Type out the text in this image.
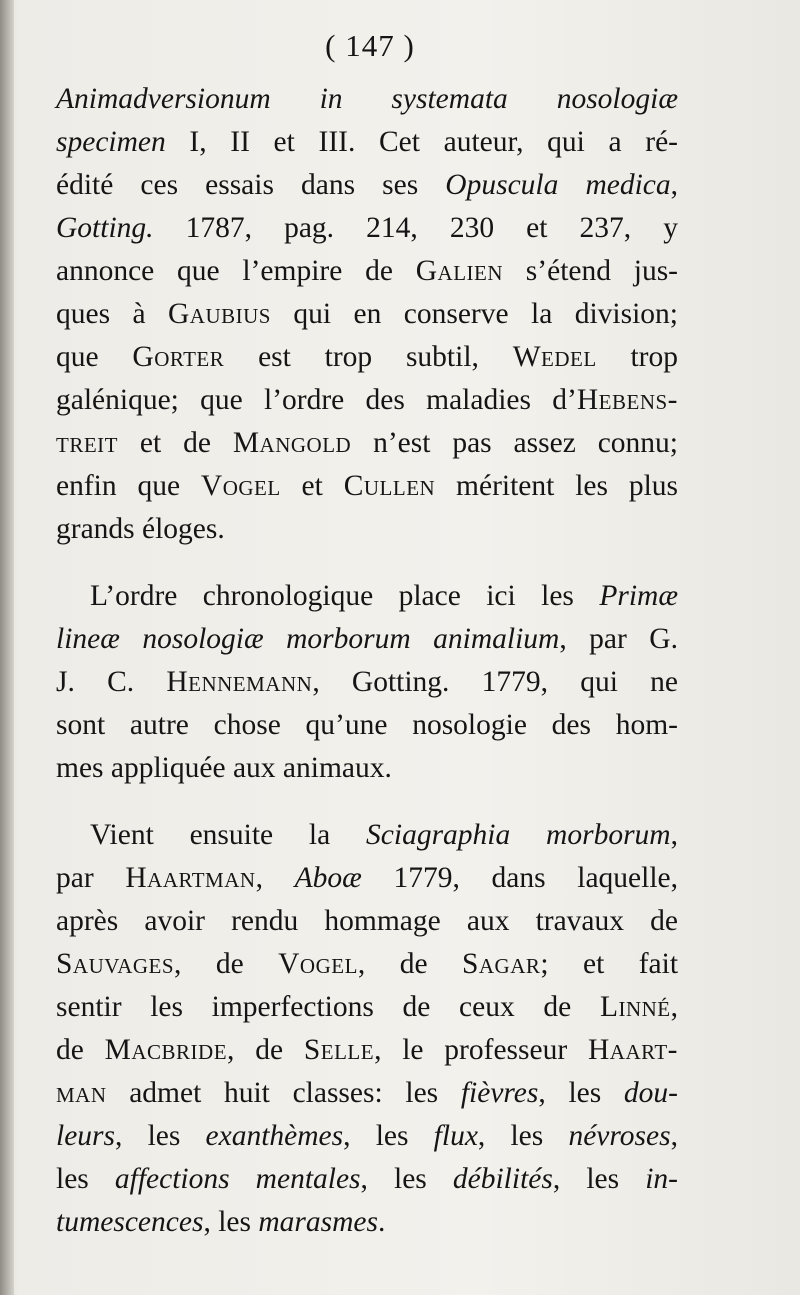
( 147 )
Animadversionum in systemata nosologiæ
specimen I, II et III. Cet auteur, qui a ré-
édité ces essais dans ses Opuscula medica,
Gotting. 1787, pag. 214, 230 et 237, y
annonce que l’empire de Galien s’étend jus-
ques à Gaubius qui en conserve la division;
que Gorter est trop subtil, Wedel trop
galénique; que l’ordre des maladies d’Hebens-
treit et de Mangold n’est pas assez connu;
enfin que Vogel et Cullen méritent les plus
grands éloges.
L’ordre chronologique place ici les Primæ
lineæ nosologiæ morborum animalium, par G.
J. C. Hennemann, Gotting. 1779, qui ne
sont autre chose qu’une nosologie des hom-
mes appliquée aux animaux.
Vient ensuite la Sciagraphia morborum,
par Haartman, Aboæ 1779, dans laquelle,
après avoir rendu hommage aux travaux de
Sauvages, de Vogel, de Sagar; et fait
sentir les imperfections de ceux de Linné,
de Macbride, de Selle, le professeur Haart-
man admet huit classes: les fièvres, les dou-
leurs, les exanthèmes, les flux, les névroses,
les affections mentales, les débilités, les in-
tumescences, les marasmes.
